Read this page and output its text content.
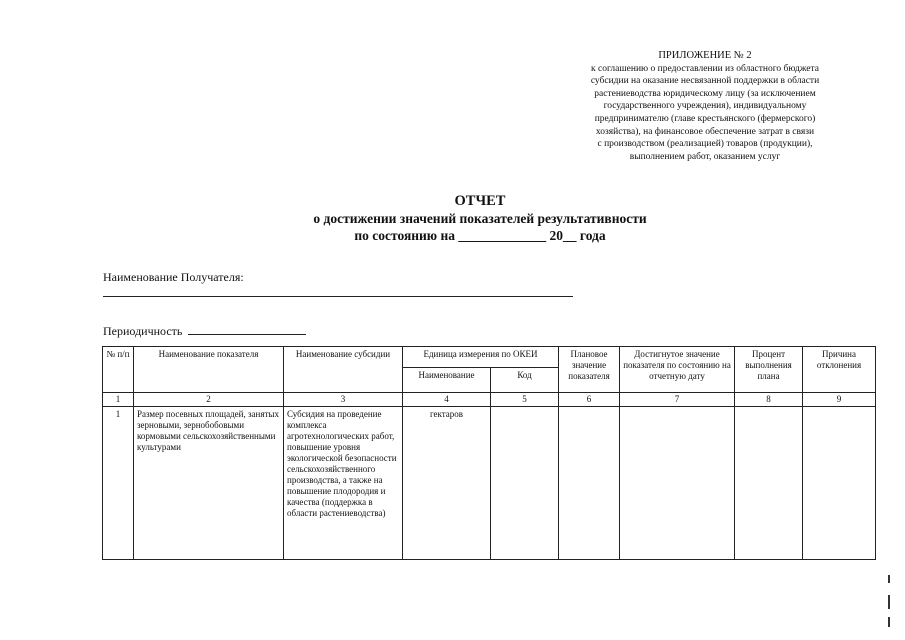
ПРИЛОЖЕНИЕ № 2
к соглашению о предоставлении из областного бюджета
субсидии на оказание несвязанной поддержки в области
растениеводства юридическому лицу (за исключением
государственного учреждения), индивидуальному
предпринимателю (главе крестьянского (фермерского)
хозяйства), на финансовое обеспечение затрат в связи
с производством (реализацией) товаров (продукции),
выполнением работ, оказанием услуг
ОТЧЕТ
о достижении значений показателей результативности
по состоянию на _____________ 20__ года
Наименование Получателя:
Периодичность
№ п/п	Наименование показателя	Наименование субсидии	Единица измерения по ОКЕИ		Плановое значение показателя	Достигнутое значение показателя по состоянию на отчетную дату	Процент выполнения плана	Причина отклонения
			Наименование	Код				
1	2	3	4	5	6	7	8	9
1	Размер посевных площадей, занятых зерновыми, зернобобовыми кормовыми сельскохозяйственными культурами	Субсидия на проведение комплекса агротехнологических работ, повышение уровня экологической безопасности сельскохозяйственного производства, а также на повышение плодородия и качества (поддержка в области растениеводства)	гектаров					
